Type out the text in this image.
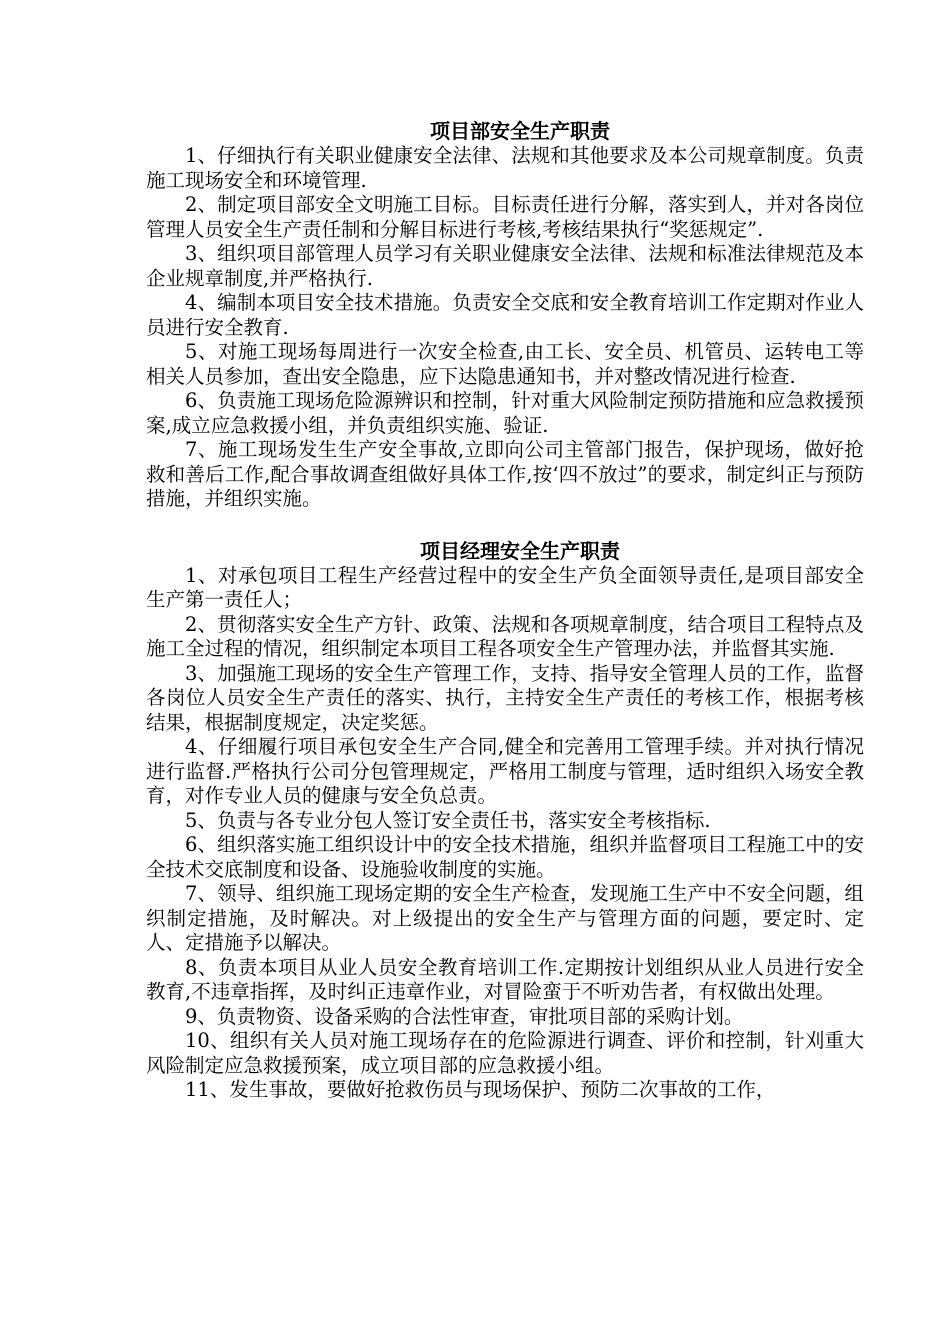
项目部安全生产职责

1、仔细执行有关职业健康安全法律、法规和其他要求及本公司规章制度。负责施工现场安全和环境管理.

2、制定项目部安全文明施工目标。目标责任进行分解，落实到人，并对各岗位管理人员安全生产责任制和分解目标进行考核,考核结果执行“奖惩规定”.

3、组织项目部管理人员学习有关职业健康安全法律、法规和标准法律规范及本企业规章制度,并严格执行.

4、编制本项目安全技术措施。负责安全交底和安全教育培训工作定期对作业人员进行安全教育.

5、对施工现场每周进行一次安全检查,由工长、安全员、机管员、运转电工等相关人员参加，查出安全隐患，应下达隐患通知书，并对整改情况进行检查.

6、负责施工现场危险源辨识和控制，针对重大风险制定预防措施和应急救援预案,成立应急救援小组，并负责组织实施、验证.

7、施工现场发生生产安全事故,立即向公司主管部门报告，保护现场，做好抢救和善后工作,配合事故调查组做好具体工作,按‘四不放过”的要求，制定纠正与预防措施，并组织实施。

项目经理安全生产职责

1、对承包项目工程生产经营过程中的安全生产负全面领导责任,是项目部安全生产第一责任人；

2、贯彻落实安全生产方针、政策、法规和各项规章制度，结合项目工程特点及施工全过程的情况，组织制定本项目工程各项安全生产管理办法，并监督其实施.

3、加强施工现场的安全生产管理工作，支持、指导安全管理人员的工作，监督各岗位人员安全生产责任的落实、执行，主持安全生产责任的考核工作，根据考核结果，根据制度规定，决定奖惩。

4、仔细履行项目承包安全生产合同,健全和完善用工管理手续。并对执行情况进行监督.严格执行公司分包管理规定，严格用工制度与管理，适时组织入场安全教育，对作专业人员的健康与安全负总责。

5、负责与各专业分包人签订安全责任书，落实安全考核指标.

6、组织落实施工组织设计中的安全技术措施，组织并监督项目工程施工中的安全技术交底制度和设备、设施验收制度的实施。

7、领导、组织施工现场定期的安全生产检查，发现施工生产中不安全问题，组织制定措施，及时解决。对上级提出的安全生产与管理方面的问题，要定时、定人、定措施予以解决。

8、负责本项目从业人员安全教育培训工作.定期按计划组织从业人员进行安全教育,不违章指挥，及时纠正违章作业，对冒险蛮于不听劝告者，有权做出处理。

9、负责物资、设备采购的合法性审查，审批项目部的采购计划。

10、组织有关人员对施工现场存在的危险源进行调查、评价和控制，针刈重大风险制定应急救援预案，成立项目部的应急救援小组。

11、发生事故，要做好抢救伤员与现场保护、预防二次事故的工作，
